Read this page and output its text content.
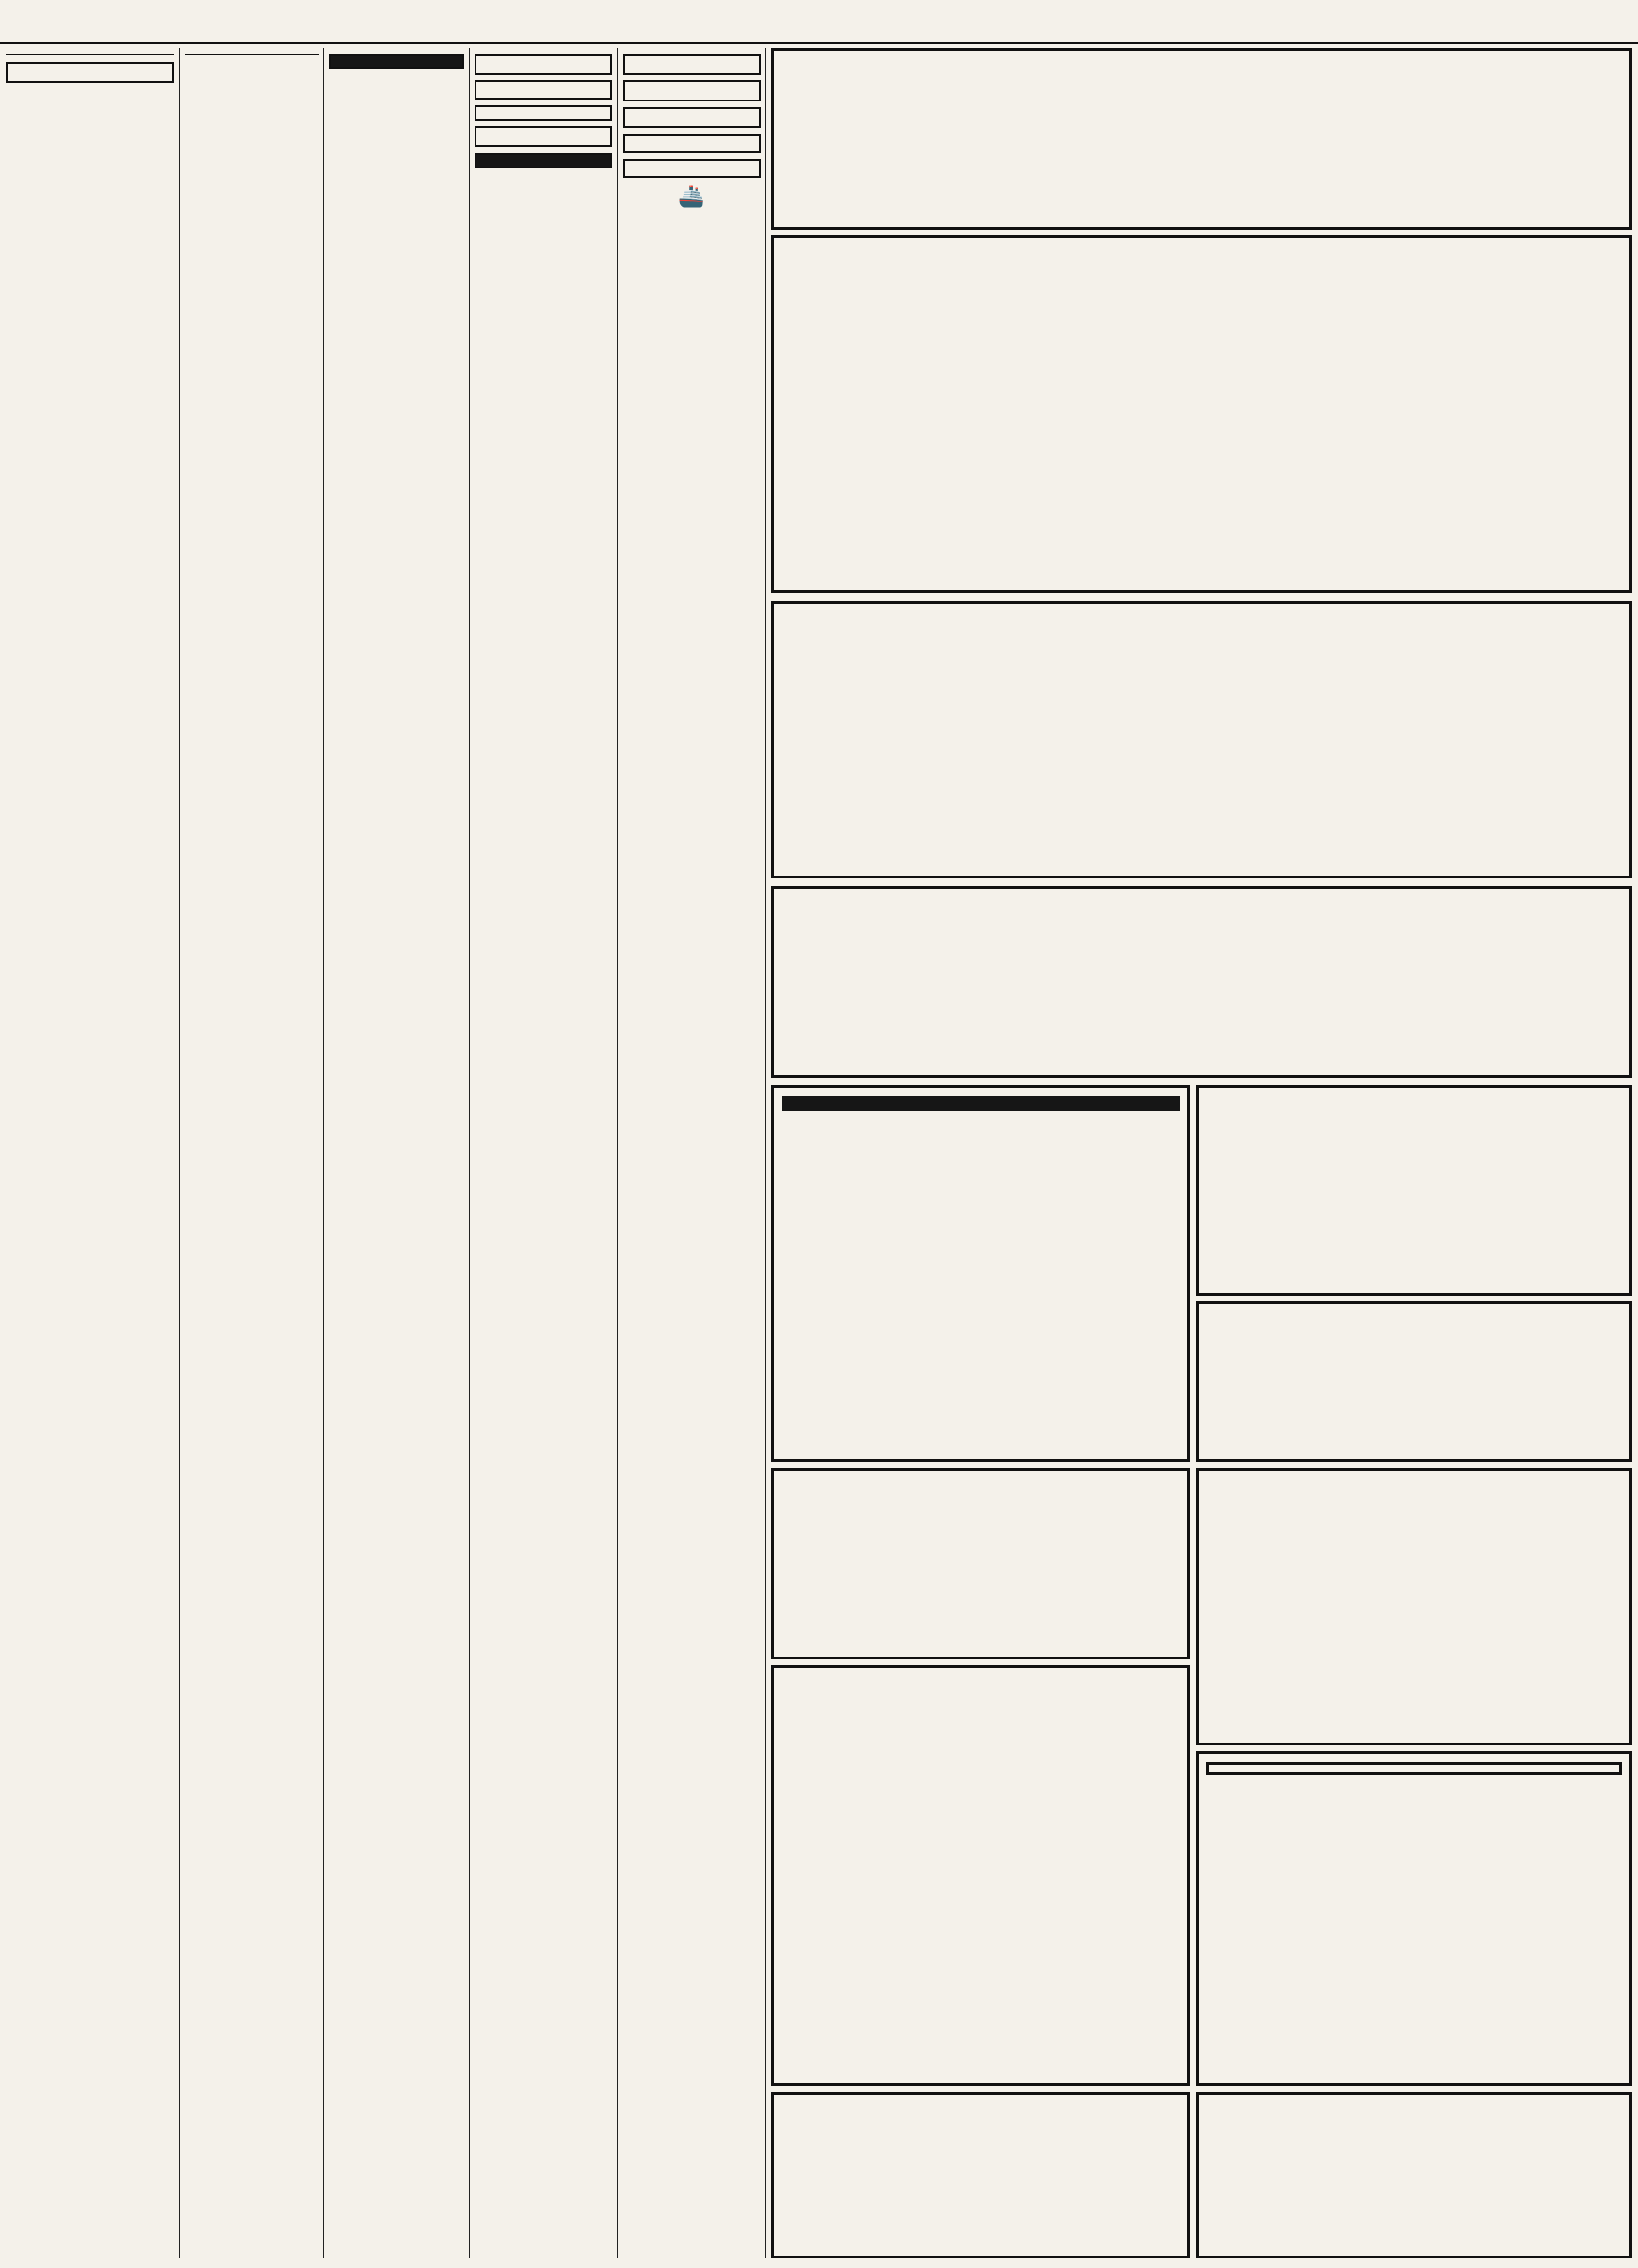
🚢
